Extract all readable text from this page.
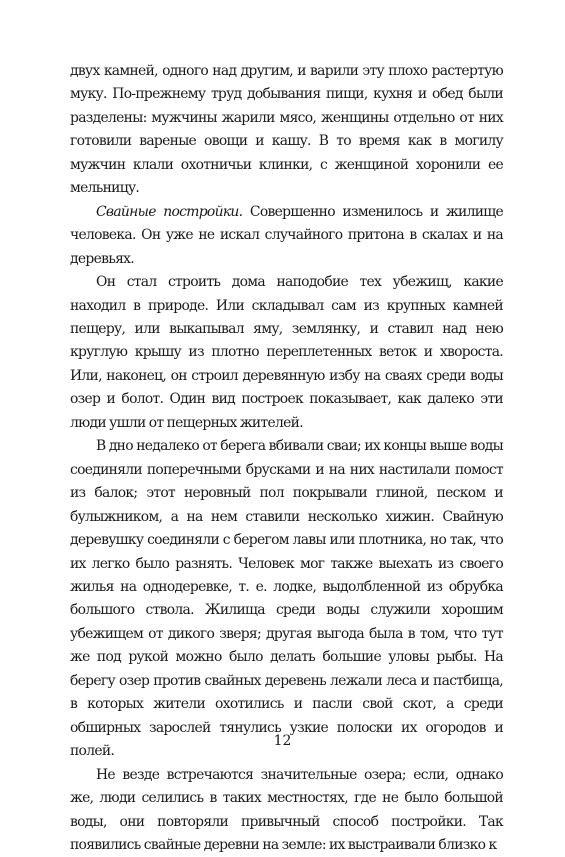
двух камней, одного над другим, и варили эту плохо растертую муку. По-прежнему труд добывания пищи, кухня и обед были разделены: мужчины жарили мясо, женщины отдельно от них готовили вареные овощи и кашу. В то время как в могилу мужчин клали охотничьи клинки, с женщиной хоронили ее мельницу.

Свайные постройки. Совершенно изменилось и жилище человека. Он уже не искал случайного притона в скалах и на деревьях.

Он стал строить дома наподобие тех убежищ, какие находил в природе. Или складывал сам из крупных камней пещеру, или выкапывал яму, землянку, и ставил над нею круглую крышу из плотно переплетенных веток и хвороста. Или, наконец, он строил деревянную избу на сваях среди воды озер и болот. Один вид построек показывает, как далеко эти люди ушли от пещерных жителей.

В дно недалеко от берега вбивали сваи; их концы выше воды соединяли поперечными брусками и на них настилали помост из балок; этот неровный пол покрывали глиной, песком и булыжником, а на нем ставили несколько хижин. Свайную деревушку соединяли с берегом лавы или плотника, но так, что их легко было разнять. Человек мог также выехать из своего жилья на однодеревке, т. е. лодке, выдолбленной из обрубка большого ствола. Жилища среди воды служили хорошим убежищем от дикого зверя; другая выгода была в том, что тут же под рукой можно было делать большие уловы рыбы. На берегу озер против свайных деревень лежали леса и пастбища, в которых жители охотились и пасли свой скот, а среди обширных зарослей тянулись узкие полоски их огородов и полей.

Не везде встречаются значительные озера; если, однако же, люди селились в таких местностях, где не было большой воды, они повторяли привычный способ постройки. Так появились свайные деревни на земле: их выстраивали близко к

12
